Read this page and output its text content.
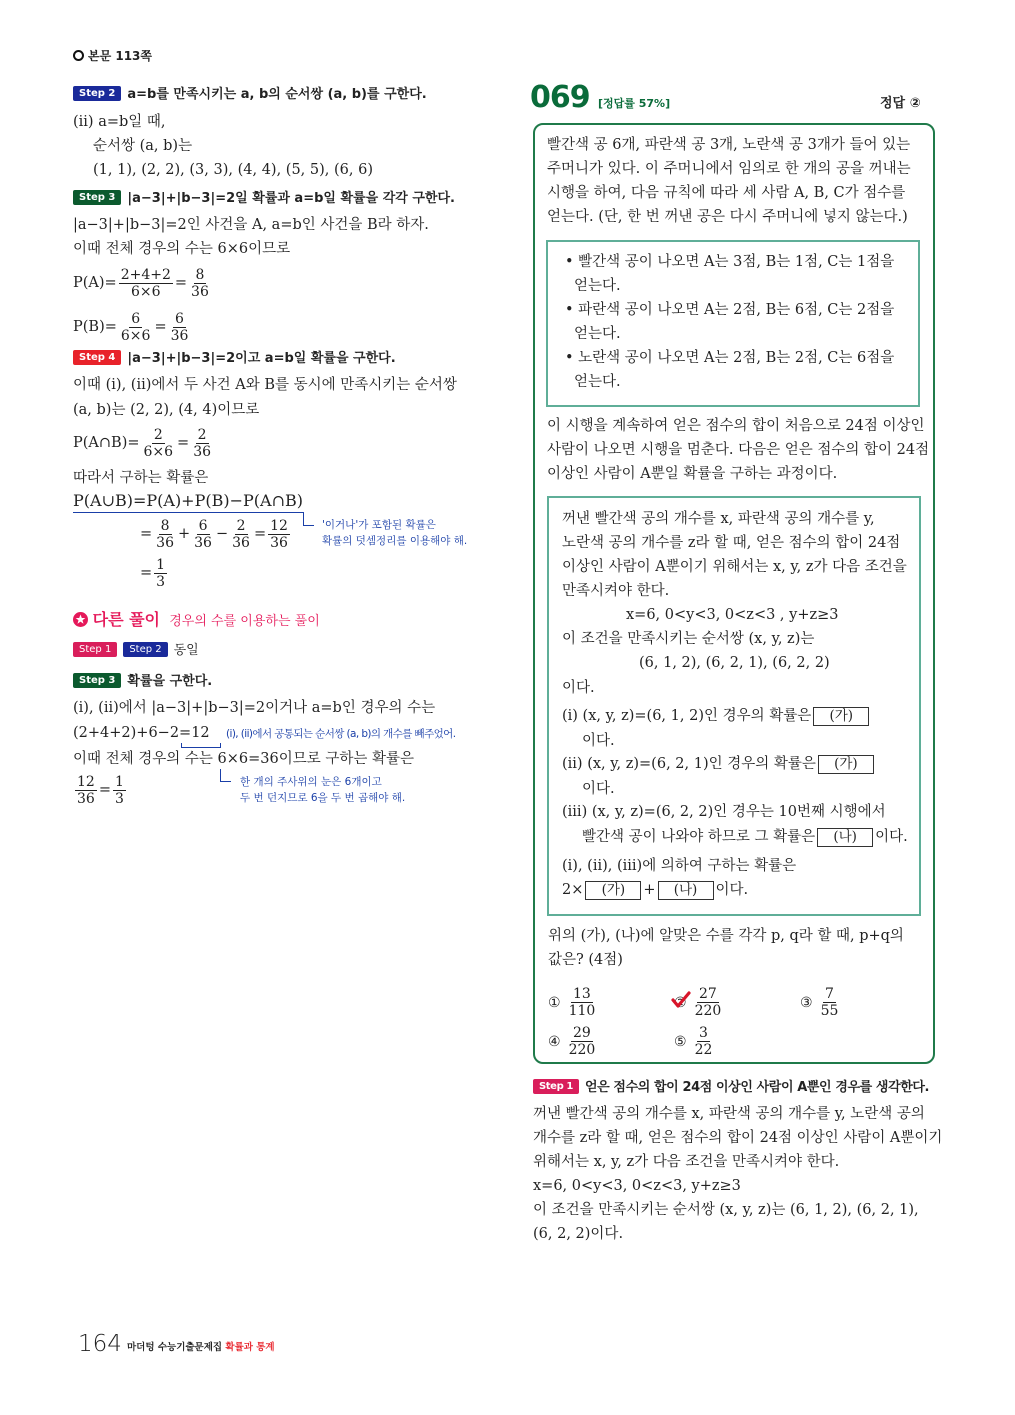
본문 113쪽
Step 2 a=b를 만족시키는 a, b의 순서쌍 (a, b)를 구한다.
(ii) a=b일 때,
순서쌍 (a, b)는
(1, 1), (2, 2), (3, 3), (4, 4), (5, 5), (6, 6)
Step 3 |a−3|+|b−3|=2일 확률과 a=b일 확률을 각각 구한다.
|a−3|+|b−3|=2인 사건을 A, a=b인 사건을 B라 하자.
이때 전체 경우의 수는 6×6이므로
$P(A)= \frac{2+4+2}{6\times 6} = \frac{8}{36}$
$P(B)= \frac{6}{6\times 6} = \frac{6}{36}$
Step 4 |a−3|+|b−3|=2이고 a=b일 확률을 구한다.
이때 (i), (ii)에서 두 사건 A와 B를 동시에 만족시키는 순서쌍
(a, b)는 (2, 2), (4, 4)이므로
P(A∩B)= $\frac{2}{6\times 6} = \frac{2}{36}$
따라서 구하는 확률은
P(A∪B)=P(A)+P(B)−P(A∩B)
= $\frac{8}{36} + \frac{6}{36} - \frac{2}{36} = \frac{12}{36}$	'이거나'가 포함된 확률은
확률의 덧셈정리를 이용해야 해.
= $\frac{1}{3}$
다른 풀이 경우의 수를 이용하는 풀이
Step 1 Step 2 동일
Step 3 확률을 구한다.
(i), (ii)에서 |a−3|+|b−3|=2이거나 a=b인 경우의 수는
(2+4+2)+6−2=12 (i), (ii)에서 공통되는 순서쌍 (a, b)의 개수를 빼주었어.
이때 전체 경우의 수는 6×6=36이므로 구하는 확률은
$\frac{12}{36} = \frac{1}{3}$	한 개의 주사위의 눈은 6개이고
두 번 던지므로 6을 두 번 곱해야 해.
069 [정답률 57%]	정답 ②
빨간색 공 6개, 파란색 공 3개, 노란색 공 3개가 들어 있는
주머니가 있다. 이 주머니에서 임의로 한 개의 공을 꺼내는
시행을 하여, 다음 규칙에 따라 세 사람 A, B, C가 점수를
얻는다. (단, 한 번 꺼낸 공은 다시 주머니에 넣지 않는다.)
• 빨간색 공이 나오면 A는 3점, B는 1점, C는 1점을
얻는다.
• 파란색 공이 나오면 A는 2점, B는 6점, C는 2점을
얻는다.
• 노란색 공이 나오면 A는 2점, B는 2점, C는 6점을
얻는다.
이 시행을 계속하여 얻은 점수의 합이 처음으로 24점 이상인
사람이 나오면 시행을 멈춘다. 다음은 얻은 점수의 합이 24점
이상인 사람이 A뿐일 확률을 구하는 과정이다.
꺼낸 빨간색 공의 개수를 x, 파란색 공의 개수를 y,
노란색 공의 개수를 z라 할 때, 얻은 점수의 합이 24점
이상인 사람이 A뿐이기 위해서는 x, y, z가 다음 조건을
만족시켜야 한다.
x=6, 0<y<3, 0<z<3 , y+z≥3
이 조건을 만족시키는 순서쌍 (x, y, z)는
(6, 1, 2), (6, 2, 1), (6, 2, 2)
이다.
(i) (x, y, z)=(6, 1, 2)인 경우의 확률은 (가)
이다.
(ii) (x, y, z)=(6, 2, 1)인 경우의 확률은 (가)
이다.
(iii) (x, y, z)=(6, 2, 2)인 경우는 10번째 시행에서
빨간색 공이 나와야 하므로 그 확률은 (나) 이다.
(i), (ii), (iii)에 의하여 구하는 확률은
2× (가) + (나) 이다.
위의 (가), (나)에 알맞은 수를 각각 p, q라 할 때, p+q의
값은? (4점)
①
13
110
②
27
220
③
7
55
④
29
220
⑤
3
22
Step 1 얻은 점수의 합이 24점 이상인 사람이 A뿐인 경우를 생각한다.
꺼낸 빨간색 공의 개수를 x, 파란색 공의 개수를 y, 노란색 공의
개수를 z라 할 때, 얻은 점수의 합이 24점 이상인 사람이 A뿐이기
위해서는 x, y, z가 다음 조건을 만족시켜야 한다.
x=6, 0<y<3, 0<z<3, y+z≥3
이 조건을 만족시키는 순서쌍 (x, y, z)는 (6, 1, 2), (6, 2, 1),
(6, 2, 2)이다.
164 마더텅 수능기출문제집 확률과 통계
